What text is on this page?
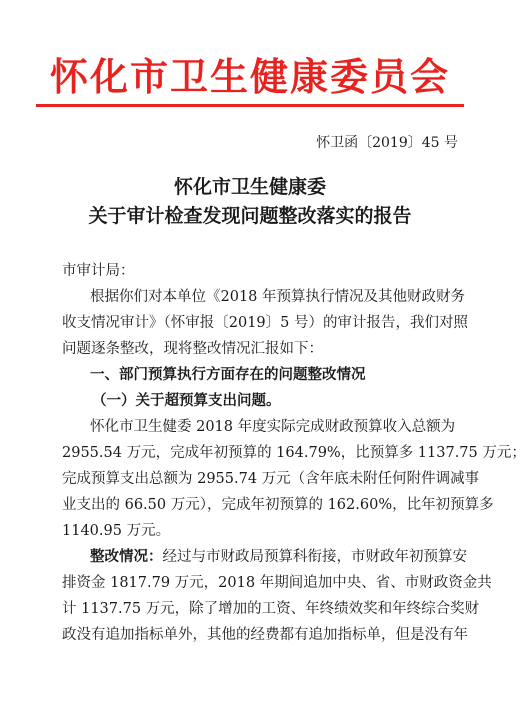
怀化市卫生健康委员会
怀卫函〔2019〕45 号
怀化市卫生健康委
关于审计检查发现问题整改落实的报告
市审计局：
根据你们对本单位《2018 年预算执行情况及其他财政财务
收支情况审计》（怀审报〔2019〕5 号）的审计报告，我们对照
问题逐条整改，现将整改情况汇报如下：
一、部门预算执行方面存在的问题整改情况
（一）关于超预算支出问题。
怀化市卫生健委 2018 年度实际完成财政预算收入总额为
2955.54 万元，完成年初预算的 164.79%，比预算多 1137.75 万元；
完成预算支出总额为 2955.74 万元（含年底未附任何附件调减事
业支出的 66.50 万元），完成年初预算的 162.60%，比年初预算多
1140.95 万元。
整改情况：经过与市财政局预算科衔接，市财政年初预算安
排资金 1817.79 万元，2018 年期间追加中央、省、市财政资金共
计 1137.75 万元，除了增加的工资、年终绩效奖和年终综合奖财
政没有追加指标单外，其他的经费都有追加指标单，但是没有年
